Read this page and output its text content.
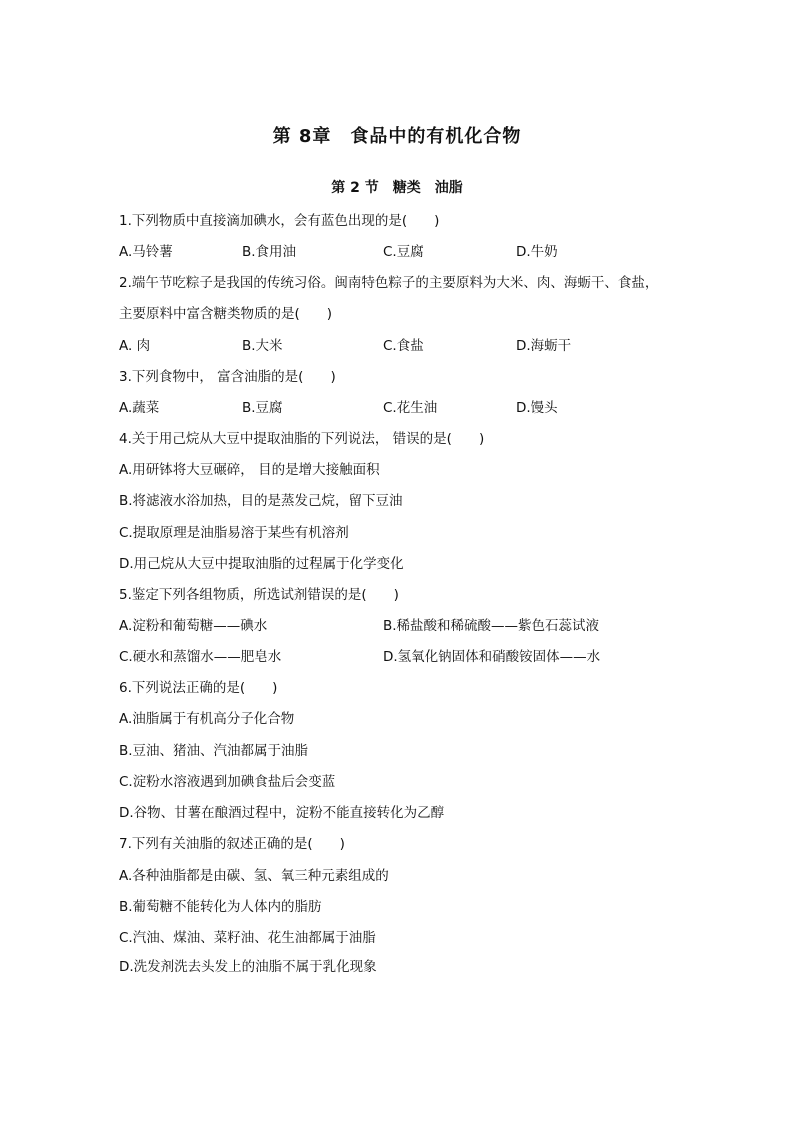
第 8章　食品中的有机化合物
第 2 节　糖类　油脂
1.下列物质中直接滴加碘水，会有蓝色出现的是(　　)
A.马铃薯	B.食用油	C.豆腐	D.牛奶
2.端午节吃粽子是我国的传统习俗。闽南特色粽子的主要原料为大米、肉、海蛎干、食盐，
主要原料中富含糖类物质的是(　　)
A. 肉	B.大米	C.食盐	D.海蛎干
3.下列食物中， 富含油脂的是(　　)
A.蔬菜	B.豆腐	C.花生油	D.馒头
4.关于用己烷从大豆中提取油脂的下列说法， 错误的是(　　)
A.用研钵将大豆碾碎， 目的是增大接触面积
B.将滤液水浴加热，目的是蒸发己烷，留下豆油
C.提取原理是油脂易溶于某些有机溶剂
D.用己烷从大豆中提取油脂的过程属于化学变化
5.鉴定下列各组物质，所选试剂错误的是(　　)
A.淀粉和葡萄糖——碘水	B.稀盐酸和稀硫酸——紫色石蕊试液
C.硬水和蒸馏水——肥皂水	D.氢氧化钠固体和硝酸铵固体——水
6.下列说法正确的是(　　)
A.油脂属于有机高分子化合物
B.豆油、猪油、汽油都属于油脂
C.淀粉水溶液遇到加碘食盐后会变蓝
D.谷物、甘薯在酿酒过程中，淀粉不能直接转化为乙醇
7.下列有关油脂的叙述正确的是(　　)
A.各种油脂都是由碳、氢、氧三种元素组成的
B.葡萄糖不能转化为人体内的脂肪
C.汽油、煤油、菜籽油、花生油都属于油脂
D.洗发剂洗去头发上的油脂不属于乳化现象
